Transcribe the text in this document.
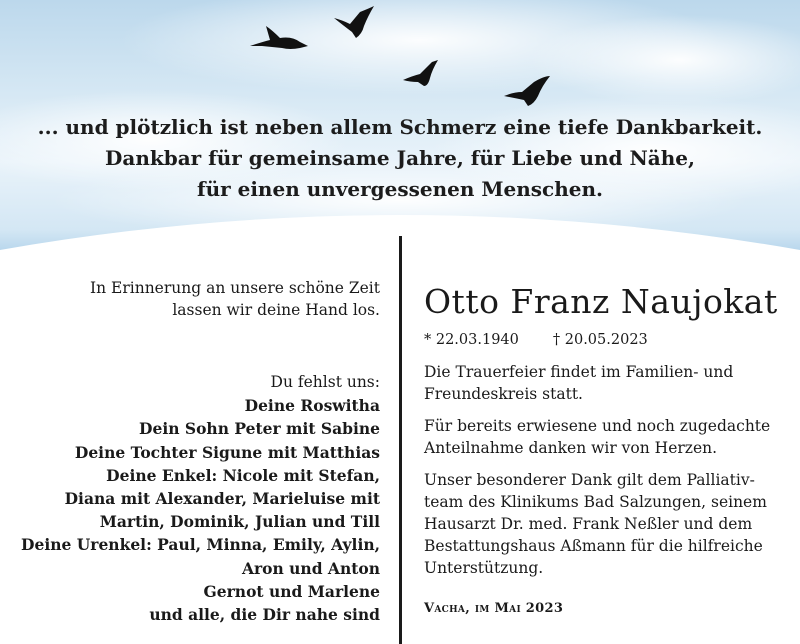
... und plötzlich ist neben allem Schmerz eine tiefe Dankbarkeit.
Dankbar für gemeinsame Jahre, für Liebe und Nähe,
für einen unvergessenen Menschen.
In Erinnerung an unsere schöne Zeit
lassen wir deine Hand los.
Du fehlst uns:
Deine Roswitha
Dein Sohn Peter mit Sabine
Deine Tochter Sigune mit Matthias
Deine Enkel: Nicole mit Stefan,
Diana mit Alexander, Marieluise mit
Martin, Dominik, Julian und Till
Deine Urenkel: Paul, Minna, Emily, Aylin,
Aron und Anton
Gernot und Marlene
und alle, die Dir nahe sind
Otto Franz Naujokat
* 22.03.1940 † 20.05.2023
Die Trauerfeier findet im Familien- und
Freundeskreis statt.
Für bereits erwiesene und noch zugedachte
Anteilnahme danken wir von Herzen.
Unser besonderer Dank gilt dem Palliativ-
team des Klinikums Bad Salzungen, seinem
Hausarzt Dr. med. Frank Neßler und dem
Bestattungshaus Aßmann für die hilfreiche
Unterstützung.
Vacha, im Mai 2023
